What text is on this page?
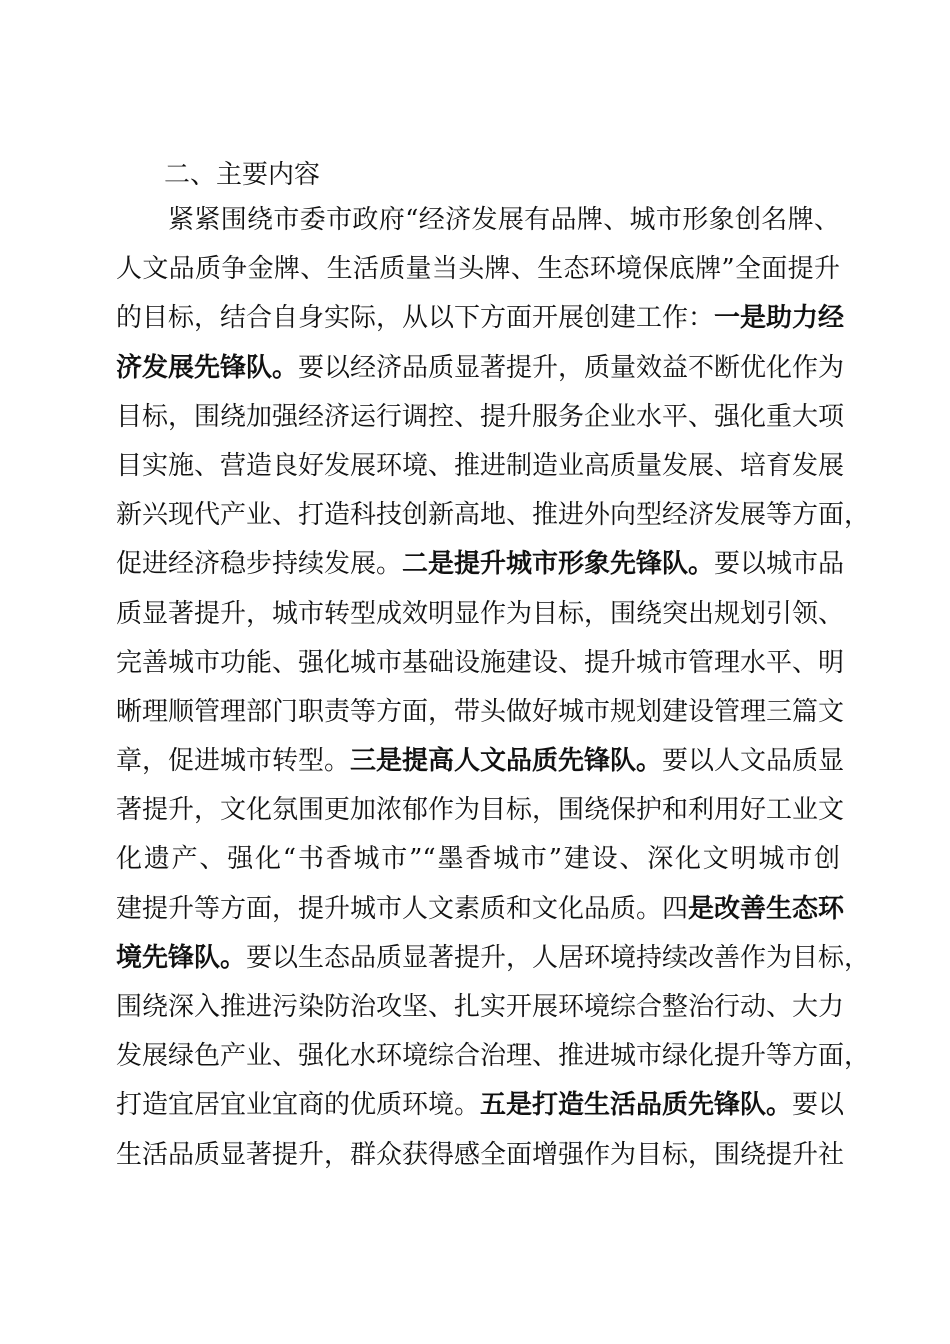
二、主要内容
紧紧围绕市委市政府“经济发展有品牌、城市形象创名牌、
人文品质争金牌、生活质量当头牌、生态环境保底牌”全面提升
的目标，结合自身实际，从以下方面开展创建工作：一是助力经
济发展先锋队。要以经济品质显著提升，质量效益不断优化作为
目标，围绕加强经济运行调控、提升服务企业水平、强化重大项
目实施、营造良好发展环境、推进制造业高质量发展、培育发展
新兴现代产业、打造科技创新高地、推进外向型经济发展等方面，
促进经济稳步持续发展。二是提升城市形象先锋队。要以城市品
质显著提升，城市转型成效明显作为目标，围绕突出规划引领、
完善城市功能、强化城市基础设施建设、提升城市管理水平、明
晰理顺管理部门职责等方面，带头做好城市规划建设管理三篇文
章，促进城市转型。三是提高人文品质先锋队。要以人文品质显
著提升，文化氛围更加浓郁作为目标，围绕保护和利用好工业文
化遗产、强化“书香城市”“墨香城市”建设、深化文明城市创
建提升等方面，提升城市人文素质和文化品质。四是改善生态环
境先锋队。要以生态品质显著提升，人居环境持续改善作为目标，
围绕深入推进污染防治攻坚、扎实开展环境综合整治行动、大力
发展绿色产业、强化水环境综合治理、推进城市绿化提升等方面，
打造宜居宜业宜商的优质环境。五是打造生活品质先锋队。要以
生活品质显著提升，群众获得感全面增强作为目标，围绕提升社
